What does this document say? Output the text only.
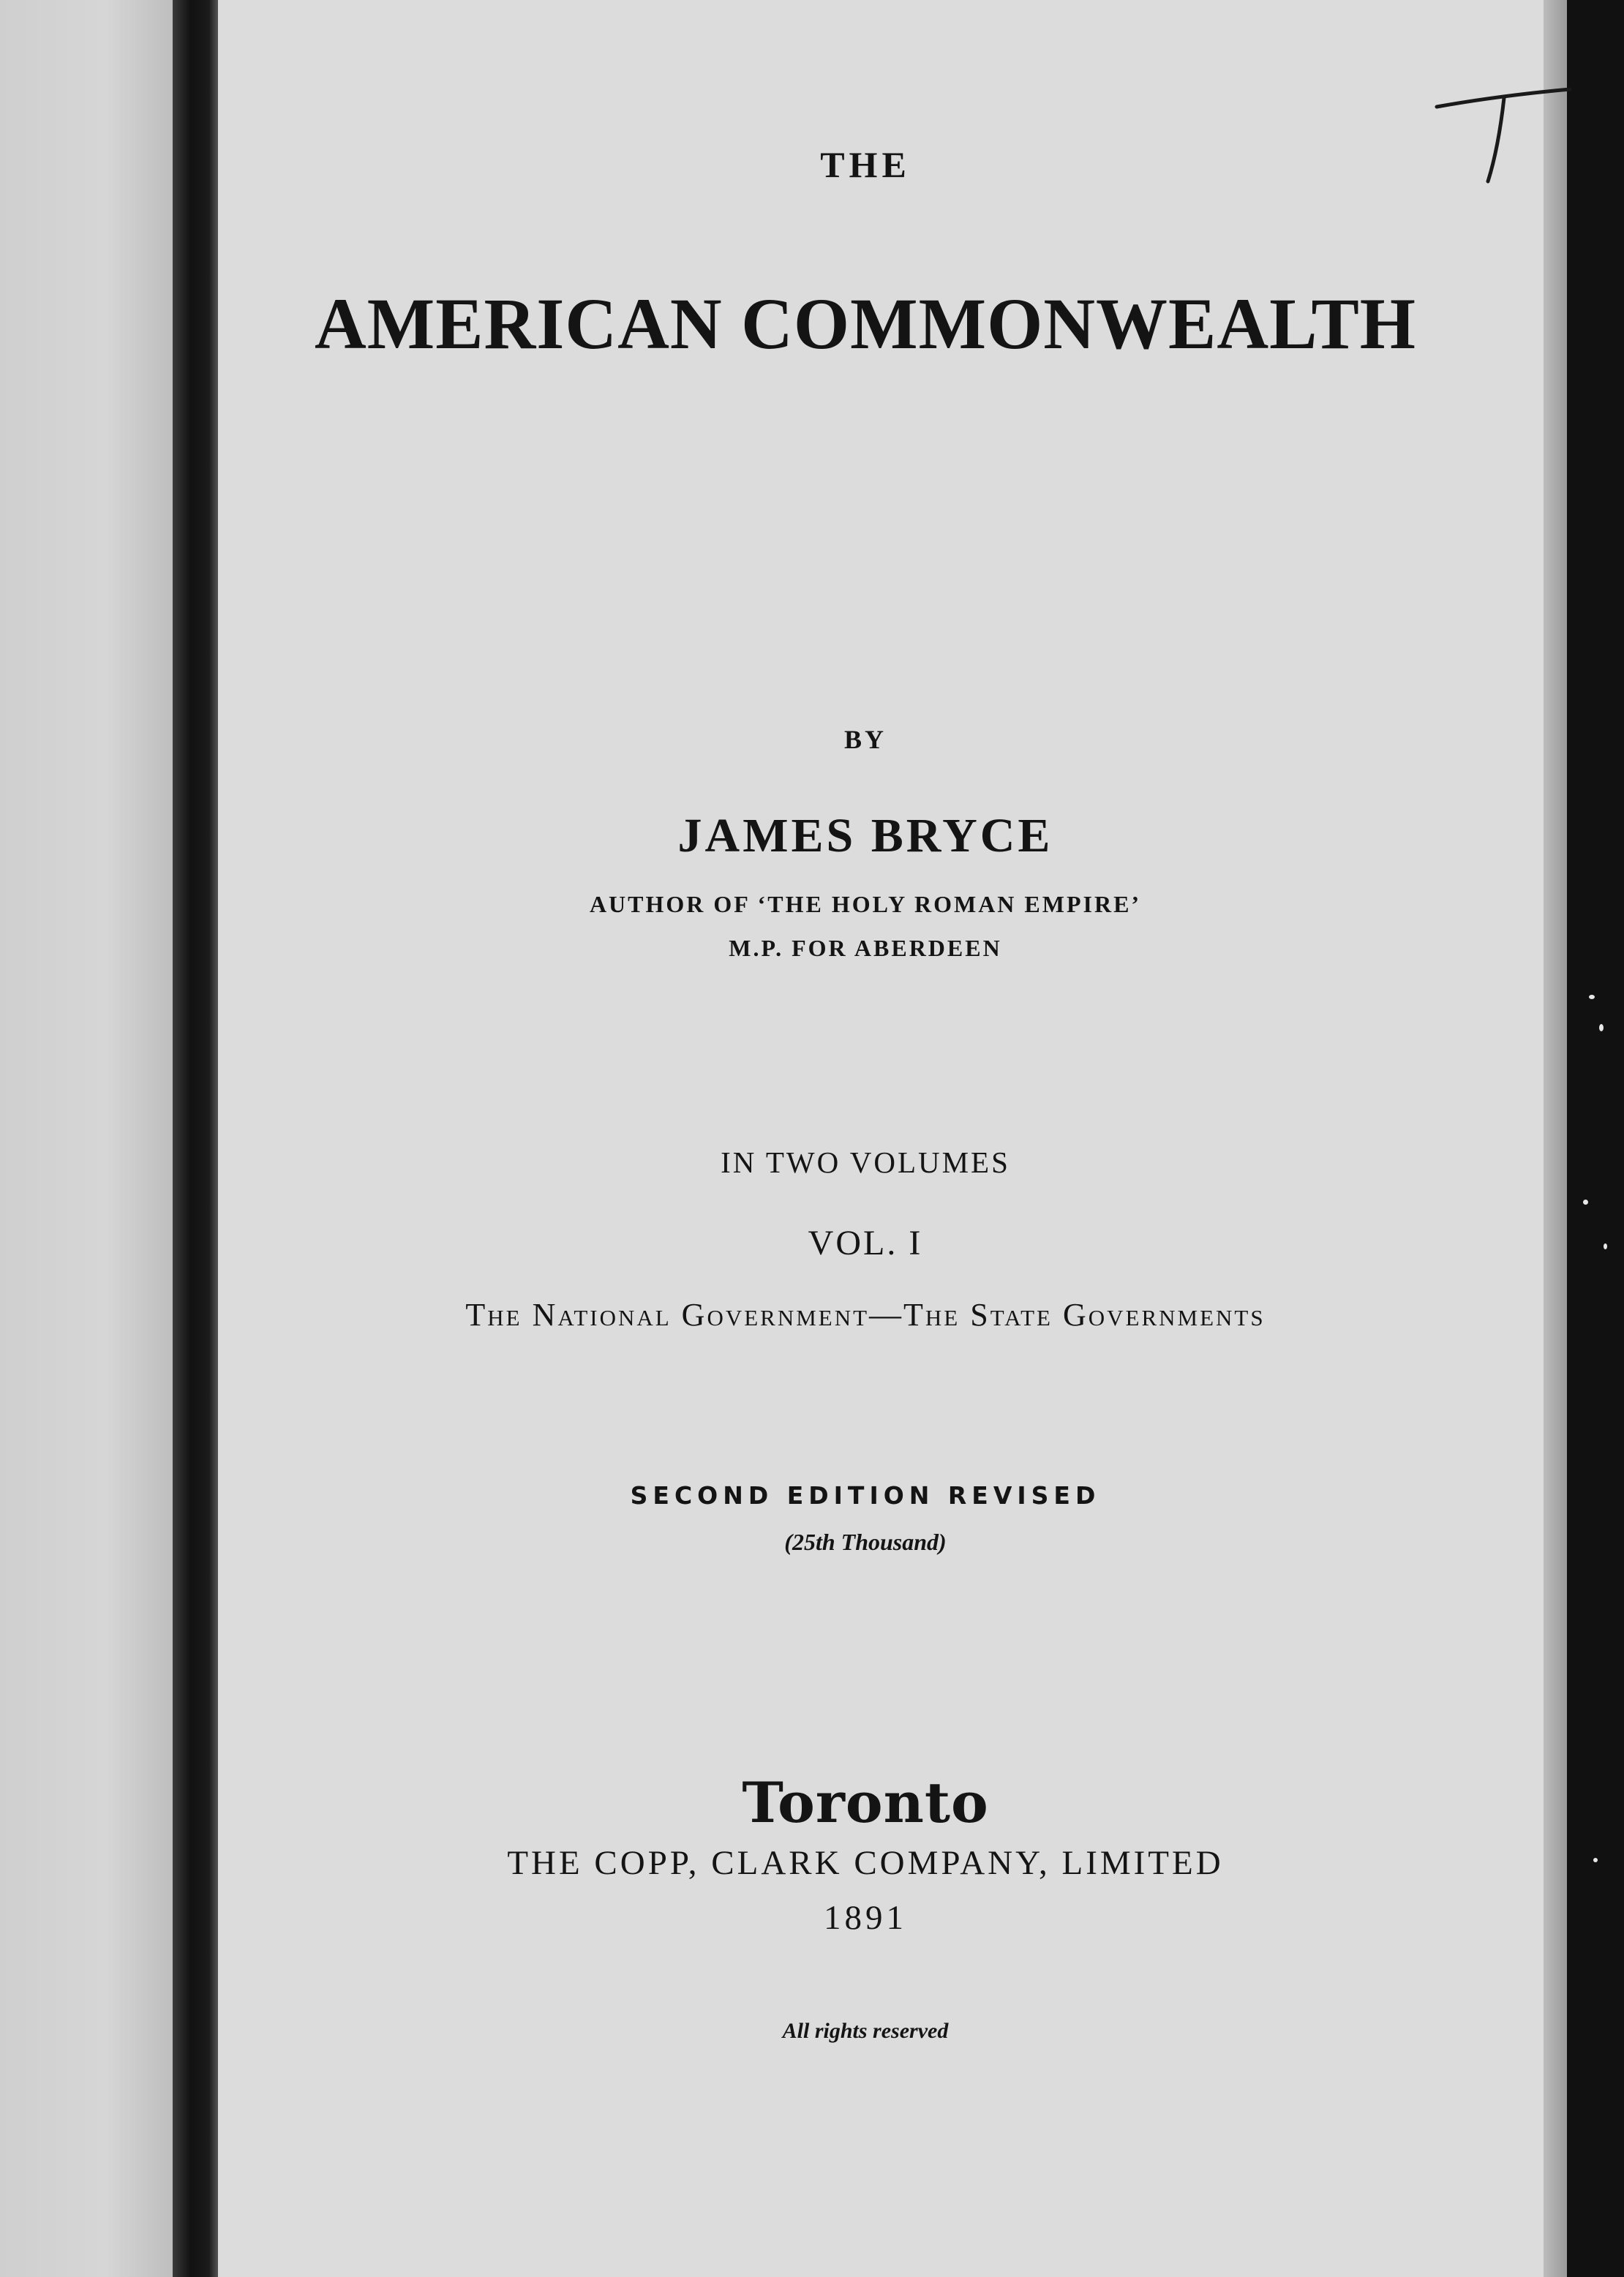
THE
AMERICAN COMMONWEALTH
BY
JAMES BRYCE
AUTHOR OF ‘THE HOLY ROMAN EMPIRE’
M.P. FOR ABERDEEN
IN TWO VOLUMES
VOL. I
The National Government—The State Governments
SECOND EDITION REVISED
(25th Thousand)
Toronto
THE COPP, CLARK COMPANY, LIMITED
1891
All rights reserved
